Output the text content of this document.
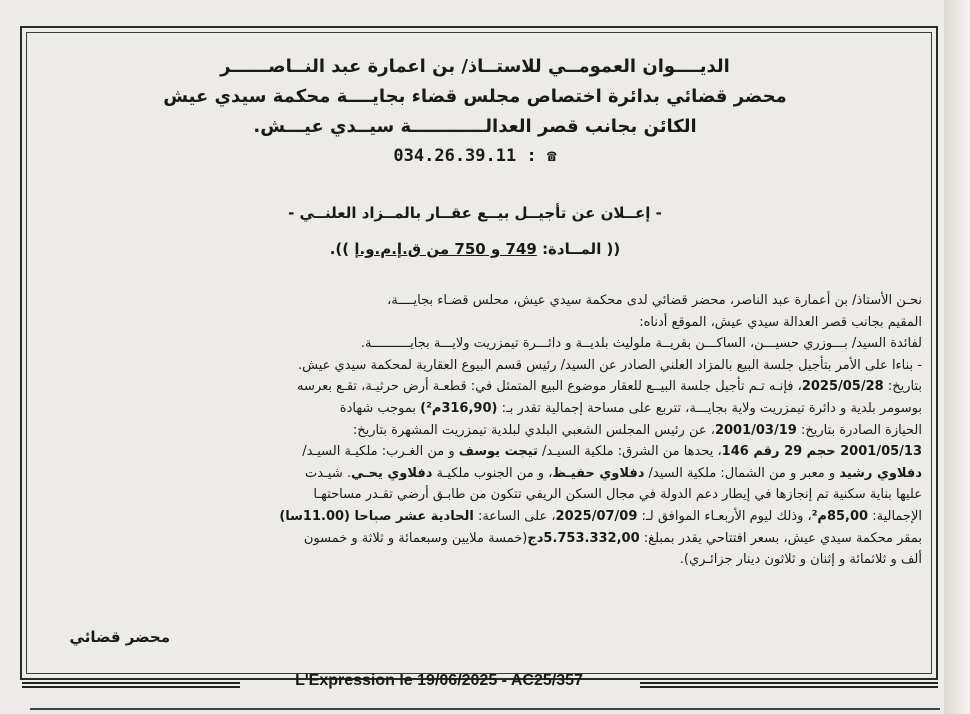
الديــــوان العمومــي للاستــاذ/ بن اعمارة عبد النــاصــــــر
محضر قضائي بدائرة اختصاص مجلس قضاء بجايــــة محكمة سيدي عيش
الكائن بجانب قصر العدالــــــــــــة سيــدي عيـــش.
034.26.39.11 : ☎
- إعــلان عن تأجيــل بيــع عقــار بالمــزاد العلنــي -
(( المــادة: 749 و 750 من ق.إ.م.و.إ )).

نحـن الأستاذ/ بن أعمارة عبد الناصر، محضر قضائي لدى محكمة سيدي عيش، محلس قضـاء بجايــــة،

المقيم بجانب قصر العدالة سيدي عيش، الموقع أدناه:

لفائدة السيد/ بـــوزري حسيـــن، الساكـــن بقريــة ملوليث بلديــة و دائـــرة تيمزريت ولايـــة بجايــــــــــة.

- بناءا على الأمر بتأجيل جلسة البيع بالمزاد العلني الصادر عن السيد/ رئيس قسم البيوع العقارية لمحكمة سيدي عيش.

بتاريخ: 2025/05/28، فإنـه تـم تأجيل جلسة البيــع للعقار موضوع البيع المتمثل في: قطعـة أرض حرثيـة، تقـع بعرسه

بوسومر بلدية و دائرة تيمزريت ولاية بجايـــة، تتربع على مساحة إجمالية تقدر بـ: (316,90م²) بموجب شهادة

الحيازة الصادرة بتاريخ: 2001/03/19، عن رئيس المجلس الشعبي البلدي لبلدية تيمزريت المشهرة بتاريخ:

2001/05/13 حجم 29 رقم 146، يحدها من الشرق: ملكية السيـد/ تيجت يوسف و من الغـرب: ملكيـة السيـد/

دفلاوي رشيد و معبر و من الشمال: ملكية السيد/ دفلاوي حفيـظ، و من الجنوب ملكيـة دفلاوي يحـي. شيـدت

عليها بناية سكنية تم إنجازها في إيطار دعم الدولة في مجال السكن الريفي تتكون من طابـق أرضي تقـدر مساحتهـا

الإجمالية: 85,00م²، وذلك ليوم الأربعـاء الموافق لـ: 2025/07/09، على الساعة: الحادية عشر صباحا (11.00سا)

بمقر محكمة سيدي عيش، بسعر افتتاحي يقدر بمبلغ: 5.753.332,00دج(خمسة ملايين وسبعمائة و ثلاثة و خمسون

ألف و ثلاثمائة و إثنان و ثلاثون دينار جزائـري).

محضر قضائي
L'Expression le 19/06/2025 - AC25/357
